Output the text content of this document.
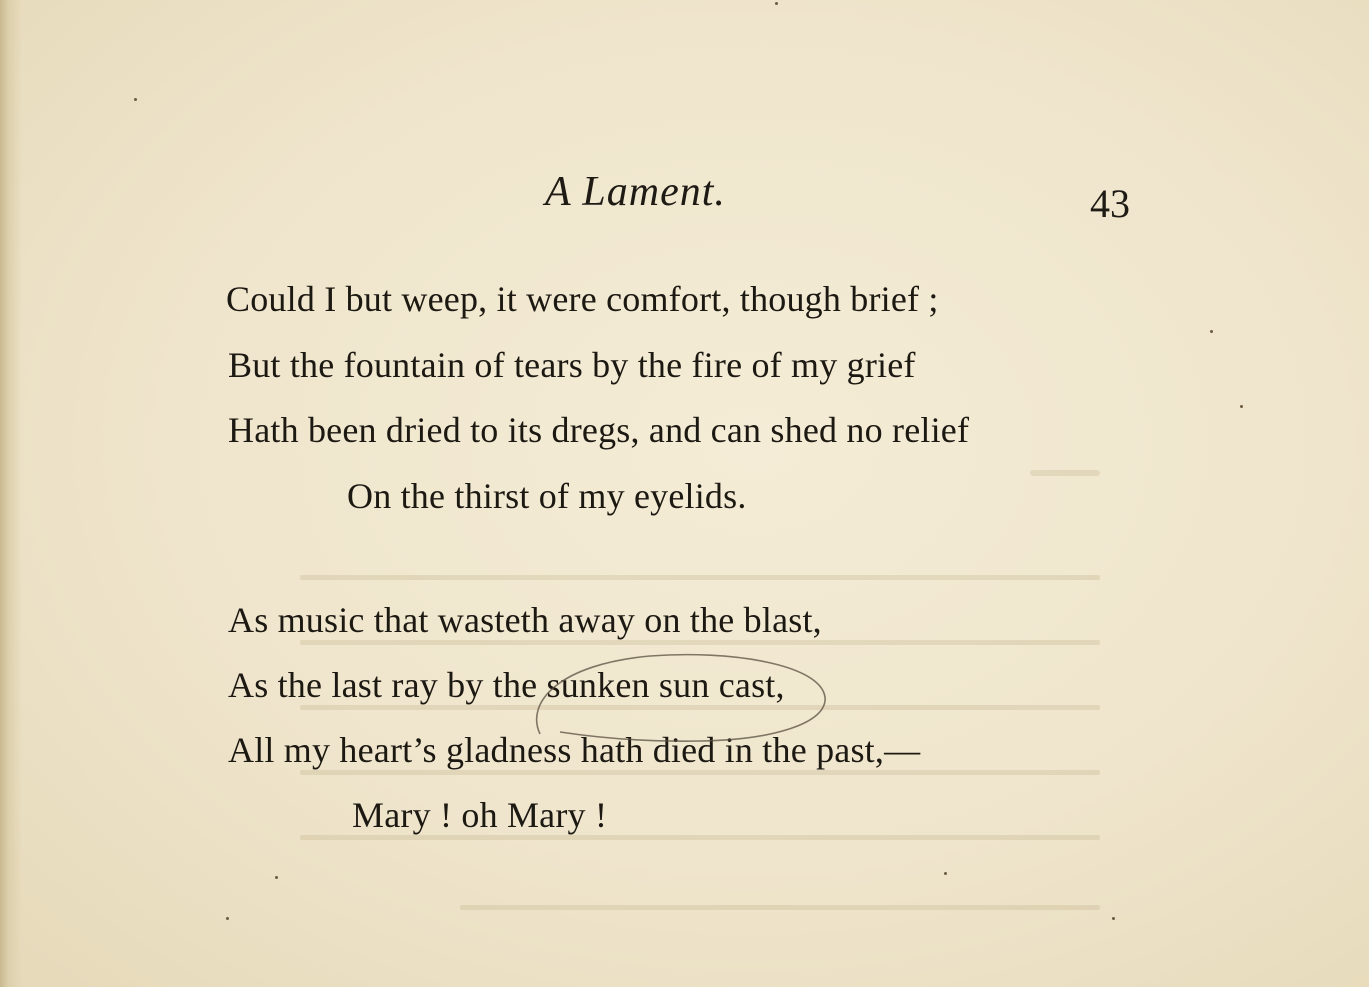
A Lament.	43
Could I but weep, it were comfort, though brief ;
But the fountain of tears by the fire of my grief
Hath been dried to its dregs, and can shed no relief
On the thirst of my eyelids.
As music that wasteth away on the blast,
As the last ray by the sunken sun cast,
All my heart’s gladness hath died in the past,—
Mary ! oh Mary !
